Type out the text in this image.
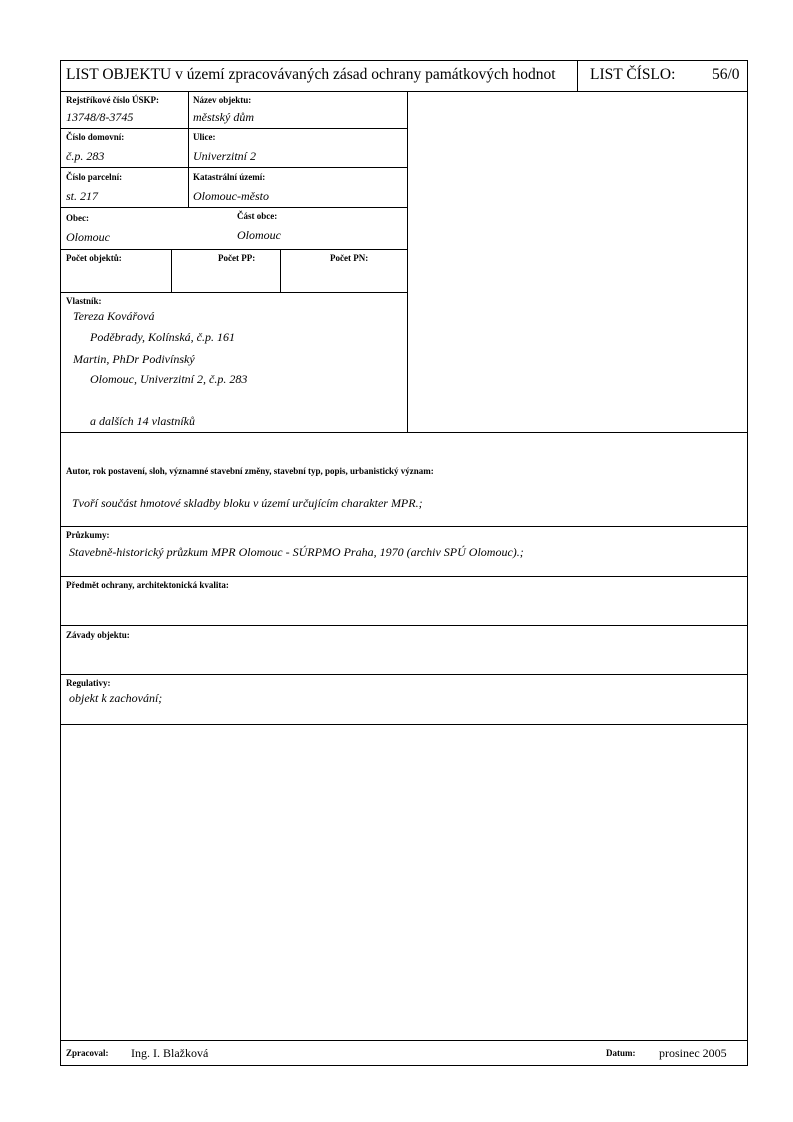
LIST OBJEKTU v území zpracovávaných zásad ochrany památkových hodnot LIST ČÍSLO: 56/0
Rejstříkové číslo ÚSKP:
13748/8-3745
Název objektu:
městský dům
Číslo domovní:
č.p. 283
Ulice:
Univerzitní 2
Číslo parcelní:
st. 217
Katastrální území:
Olomouc-město
Obec:
Olomouc
Část obce:
Olomouc
Počet objektů:	Počet PP:	Počet PN:
Vlastník:
Tereza Kovářová
Poděbrady, Kolínská, č.p. 161
Martin, PhDr Podivínský
Olomouc, Univerzitní 2, č.p. 283
a dalších 14 vlastníků
Autor, rok postavení, sloh, významné stavební změny, stavební typ, popis, urbanistický význam:
Tvoří součást hmotové skladby bloku v území určujícím charakter MPR.;
Průzkumy:
Stavebně-historický průzkum MPR Olomouc - SÚRPMO Praha, 1970 (archiv SPÚ Olomouc).;
Předmět ochrany, architektonická kvalita:
Závady objektu:
Regulativy:
objekt k zachování;
Zpracoval: Ing. I. Blažková	Datum: prosinec 2005
